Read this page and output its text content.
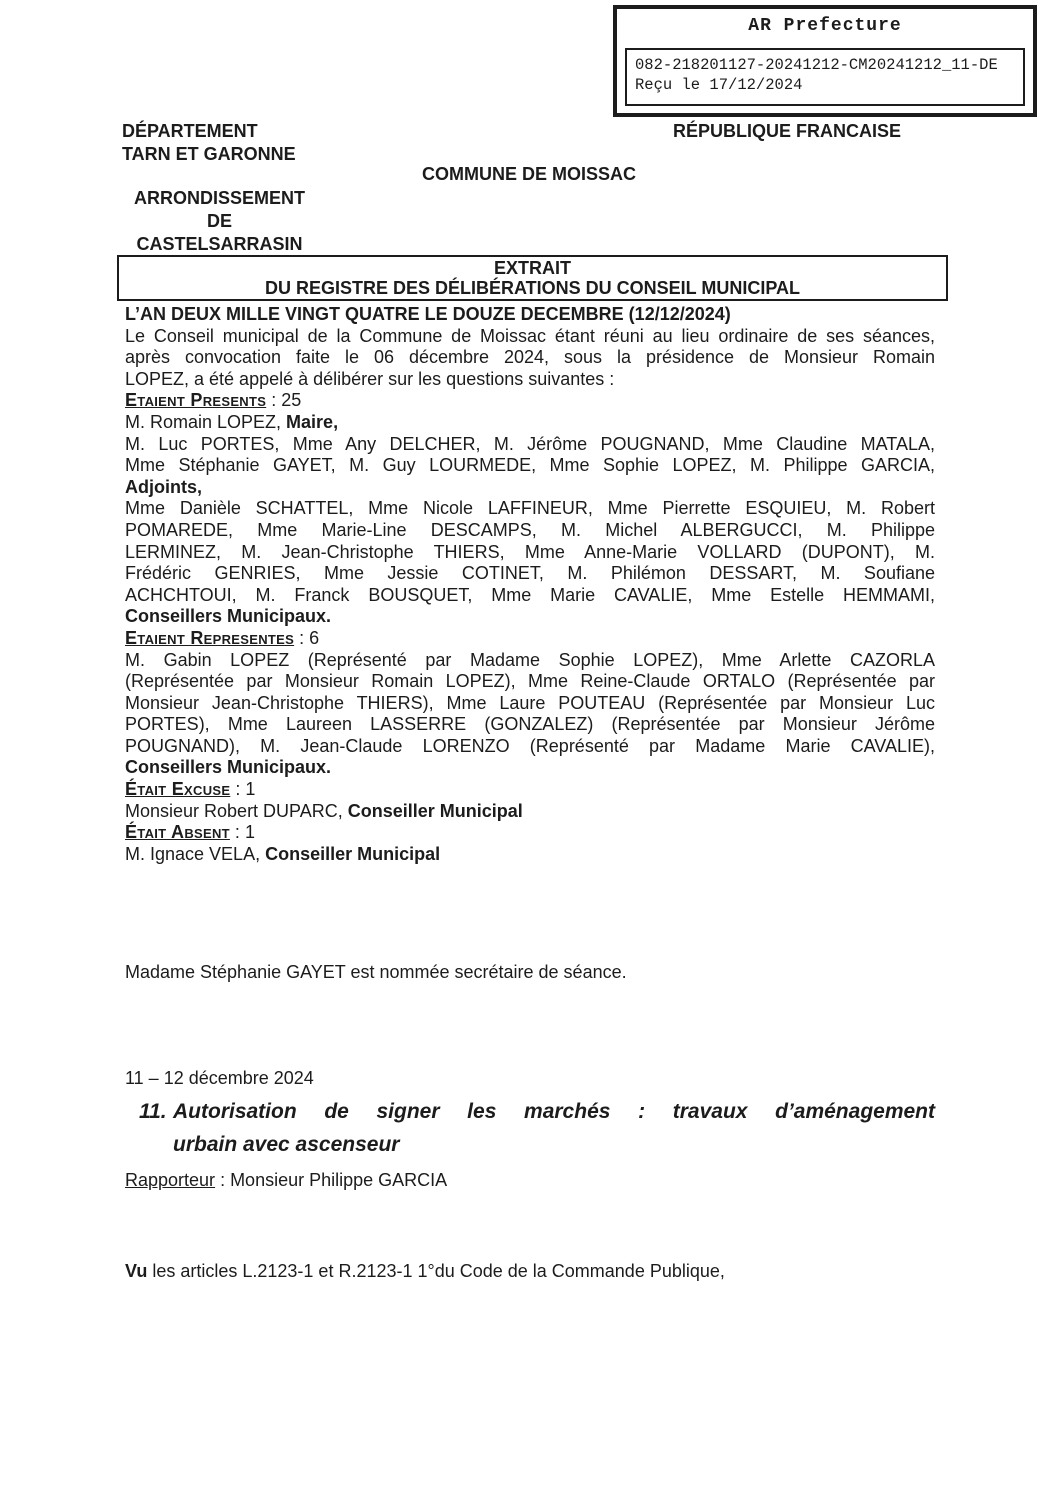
AR Prefecture
082-218201127-20241212-CM20241212_11-DE
Reçu le 17/12/2024
DÉPARTEMENT
TARN ET GARONNE
RÉPUBLIQUE FRANCAISE
COMMUNE DE MOISSAC
ARRONDISSEMENT
DE
CASTELSARRASIN
EXTRAIT
DU REGISTRE DES DÉLIBÉRATIONS DU CONSEIL MUNICIPAL

L’AN DEUX MILLE VINGT QUATRE LE DOUZE DECEMBRE (12/12/2024)

Le Conseil municipal de la Commune de Moissac étant réuni au lieu ordinaire de ses séances,
après convocation faite le 06 décembre 2024, sous la présidence de Monsieur Romain
LOPEZ, a été appelé à délibérer sur les questions suivantes :

Etaient Presents : 25

M. Romain LOPEZ, Maire,

M. Luc PORTES, Mme Any DELCHER, M. Jérôme POUGNAND, Mme Claudine MATALA,
Mme Stéphanie GAYET, M. Guy LOURMEDE, Mme Sophie LOPEZ, M. Philippe GARCIA,
Adjoints,

Mme Danièle SCHATTEL, Mme Nicole LAFFINEUR, Mme Pierrette ESQUIEU, M. Robert
POMAREDE, Mme Marie-Line DESCAMPS, M. Michel ALBERGUCCI, M. Philippe
LERMINEZ, M. Jean-Christophe THIERS, Mme Anne-Marie VOLLARD (DUPONT), M.
Frédéric GENRIES, Mme Jessie COTINET, M. Philémon DESSART, M. Soufiane
ACHCHTOUI, M. Franck BOUSQUET, Mme Marie CAVALIE, Mme Estelle HEMMAMI,
Conseillers Municipaux.

Etaient Representes : 6

M. Gabin LOPEZ (Représenté par Madame Sophie LOPEZ), Mme Arlette CAZORLA
(Représentée par Monsieur Romain LOPEZ), Mme Reine-Claude ORTALO (Représentée par
Monsieur Jean-Christophe THIERS), Mme Laure POUTEAU (Représentée par Monsieur Luc
PORTES), Mme Laureen LASSERRE (GONZALEZ) (Représentée par Monsieur Jérôme
POUGNAND), M. Jean-Claude LORENZO (Représenté par Madame Marie CAVALIE),
Conseillers Municipaux.

Était Excuse : 1

Monsieur Robert DUPARC, Conseiller Municipal

Était Absent : 1

M. Ignace VELA, Conseiller Municipal

Madame Stéphanie GAYET est nommée secrétaire de séance.

11 – 12 décembre 2024

11. Autorisation de signer les marchés : travaux d’aménagement
urbain avec ascenseur

Rapporteur : Monsieur Philippe GARCIA

Vu les articles L.2123-1 et R.2123-1 1°du Code de la Commande Publique,
